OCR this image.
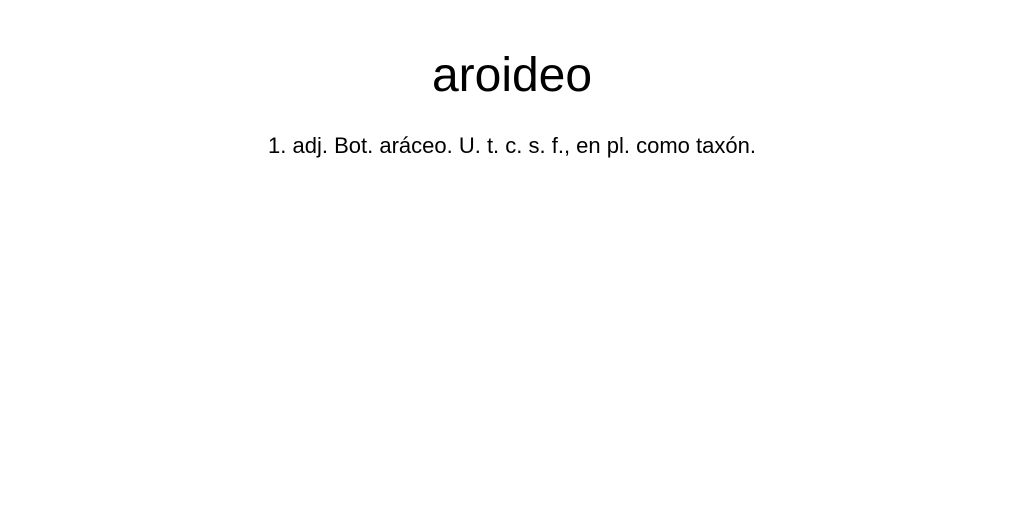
aroideo

1. adj. Bot. aráceo. U. t. c. s. f., en pl. como taxón.
